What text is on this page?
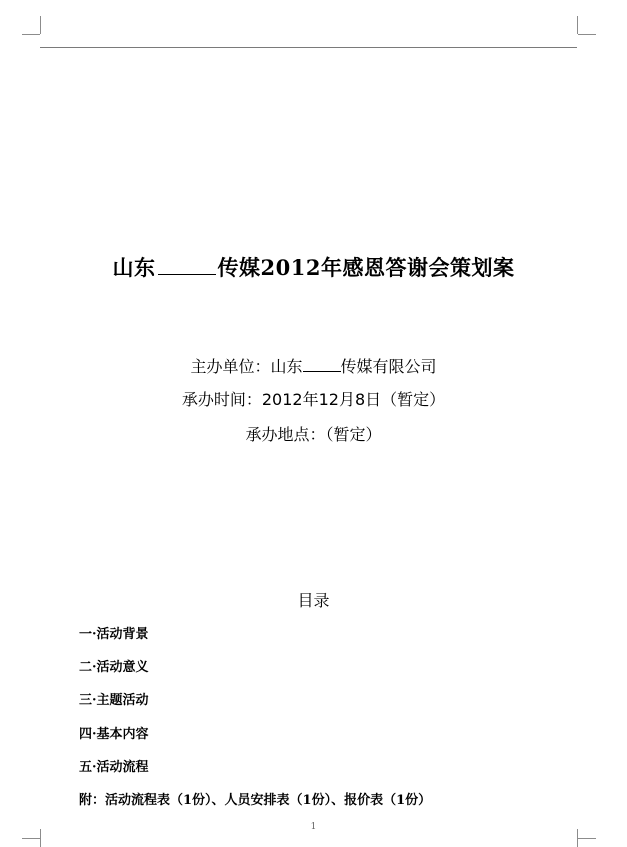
山东	传媒2012年感恩答谢会策划案
主办单位：山东 传媒有限公司
承办时间：2012年12月8日（暂定）
承办地点：（暂定）
目录
一·活动背景
二·活动意义
三·主题活动
四·基本内容
五·活动流程
附：活动流程表（1份）、人员安排表（1份）、报价表（1份）
1
